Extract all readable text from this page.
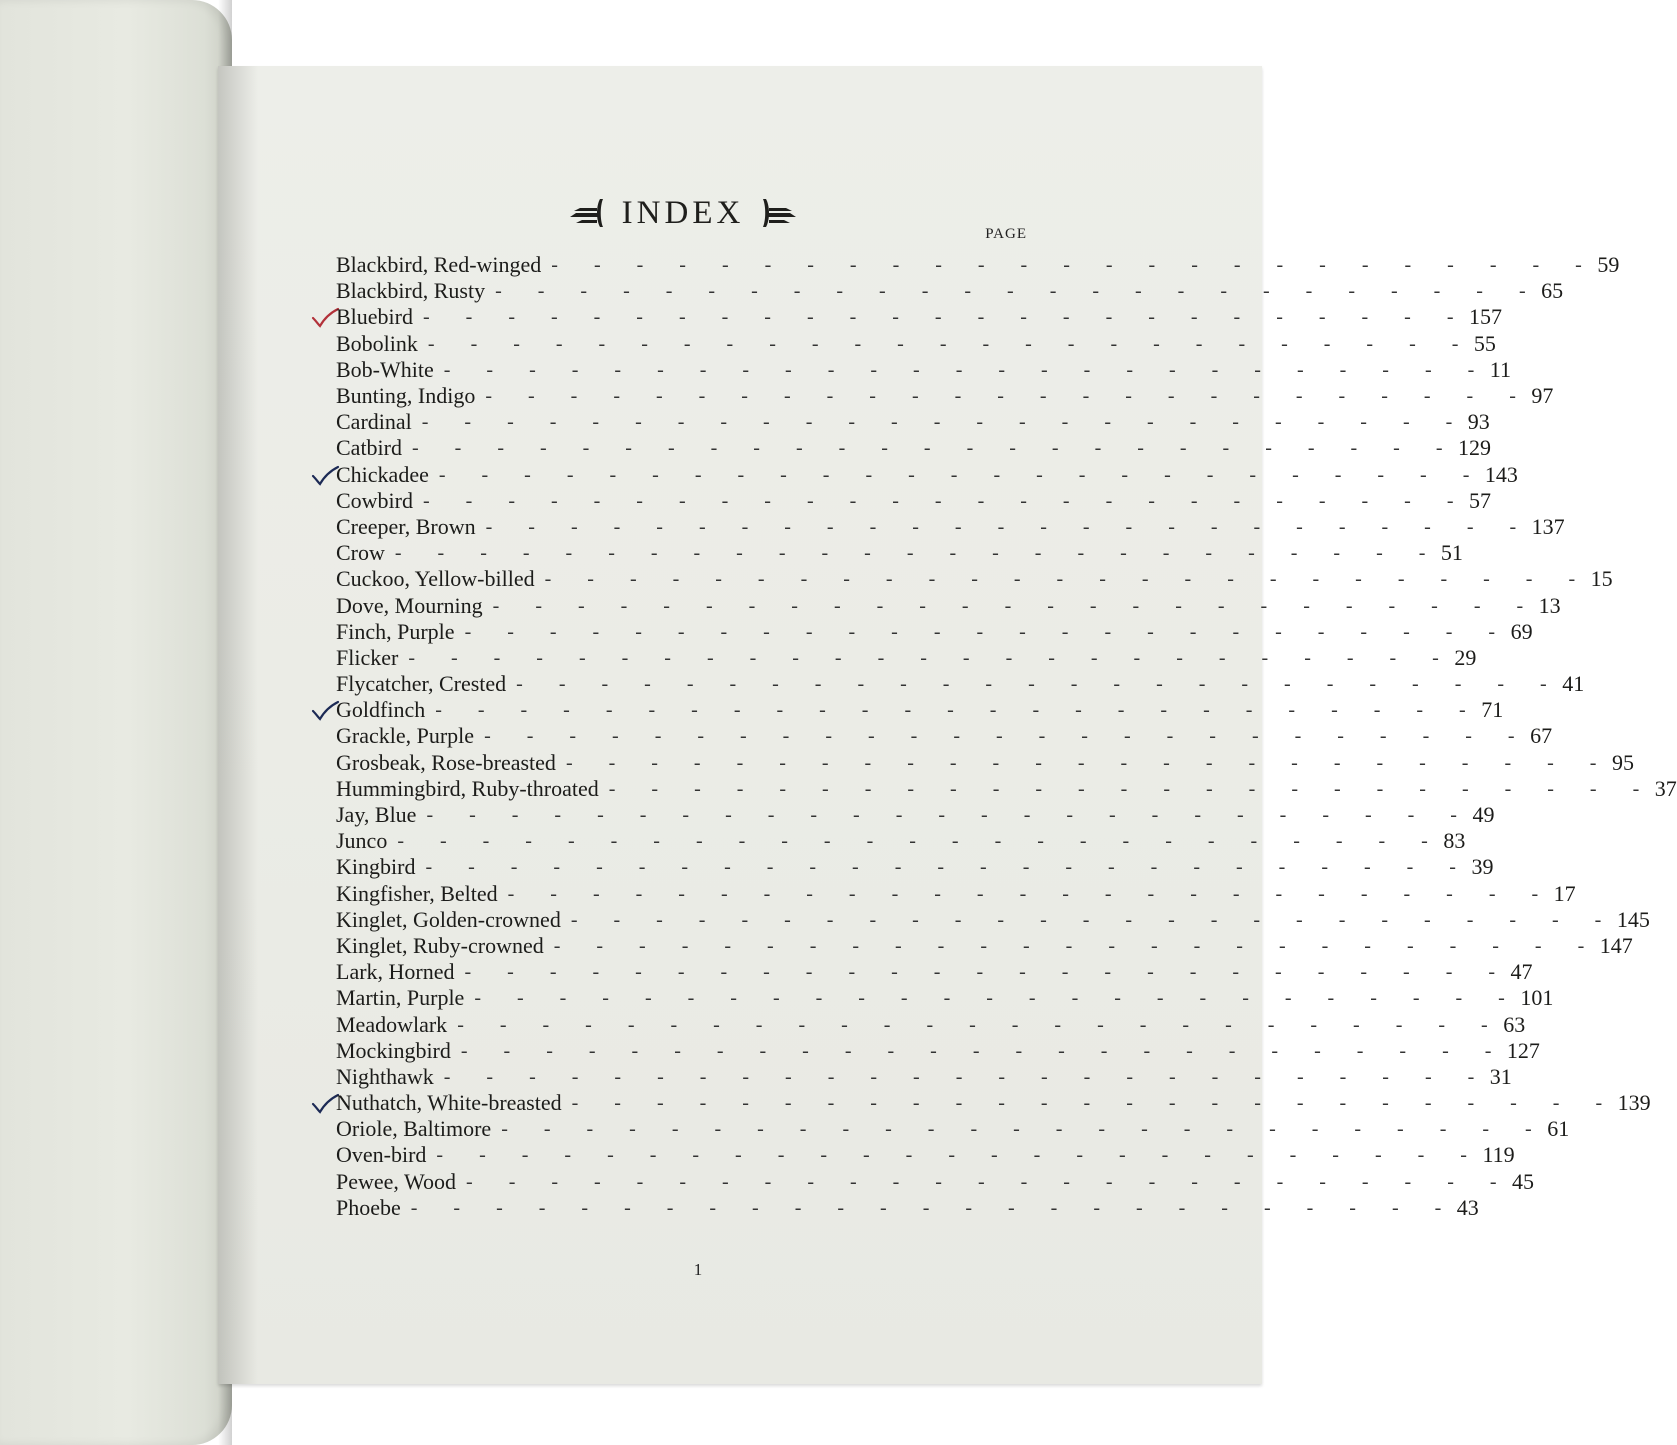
INDEX
PAGE
Blackbird, Red-winged - - - - - - - - - - - - - - - - - - - - - - - - - 59
Blackbird, Rusty - - - - - - - - - - - - - - - - - - - - - - - - - 65
Bluebird - - - - - - - - - - - - - - - - - - - - - - - - - 157
Bobolink - - - - - - - - - - - - - - - - - - - - - - - - - 55
Bob-White - - - - - - - - - - - - - - - - - - - - - - - - - 11
Bunting, Indigo - - - - - - - - - - - - - - - - - - - - - - - - - 97
Cardinal - - - - - - - - - - - - - - - - - - - - - - - - - 93
Catbird - - - - - - - - - - - - - - - - - - - - - - - - - 129
Chickadee - - - - - - - - - - - - - - - - - - - - - - - - - 143
Cowbird - - - - - - - - - - - - - - - - - - - - - - - - - 57
Creeper, Brown - - - - - - - - - - - - - - - - - - - - - - - - - 137
Crow - - - - - - - - - - - - - - - - - - - - - - - - - 51
Cuckoo, Yellow-billed - - - - - - - - - - - - - - - - - - - - - - - - - 15
Dove, Mourning - - - - - - - - - - - - - - - - - - - - - - - - - 13
Finch, Purple - - - - - - - - - - - - - - - - - - - - - - - - - 69
Flicker - - - - - - - - - - - - - - - - - - - - - - - - - 29
Flycatcher, Crested - - - - - - - - - - - - - - - - - - - - - - - - - 41
Goldfinch - - - - - - - - - - - - - - - - - - - - - - - - - 71
Grackle, Purple - - - - - - - - - - - - - - - - - - - - - - - - - 67
Grosbeak, Rose-breasted - - - - - - - - - - - - - - - - - - - - - - - - - 95
Hummingbird, Ruby-throated - - - - - - - - - - - - - - - - - - - - - - - - - 37
Jay, Blue - - - - - - - - - - - - - - - - - - - - - - - - - 49
Junco - - - - - - - - - - - - - - - - - - - - - - - - - 83
Kingbird - - - - - - - - - - - - - - - - - - - - - - - - - 39
Kingfisher, Belted - - - - - - - - - - - - - - - - - - - - - - - - - 17
Kinglet, Golden-crowned - - - - - - - - - - - - - - - - - - - - - - - - - 145
Kinglet, Ruby-crowned - - - - - - - - - - - - - - - - - - - - - - - - - 147
Lark, Horned - - - - - - - - - - - - - - - - - - - - - - - - - 47
Martin, Purple - - - - - - - - - - - - - - - - - - - - - - - - - 101
Meadowlark - - - - - - - - - - - - - - - - - - - - - - - - - 63
Mockingbird - - - - - - - - - - - - - - - - - - - - - - - - - 127
Nighthawk - - - - - - - - - - - - - - - - - - - - - - - - - 31
Nuthatch, White-breasted - - - - - - - - - - - - - - - - - - - - - - - - - 139
Oriole, Baltimore - - - - - - - - - - - - - - - - - - - - - - - - - 61
Oven-bird - - - - - - - - - - - - - - - - - - - - - - - - - 119
Pewee, Wood - - - - - - - - - - - - - - - - - - - - - - - - - 45
Phoebe - - - - - - - - - - - - - - - - - - - - - - - - - 43
1
